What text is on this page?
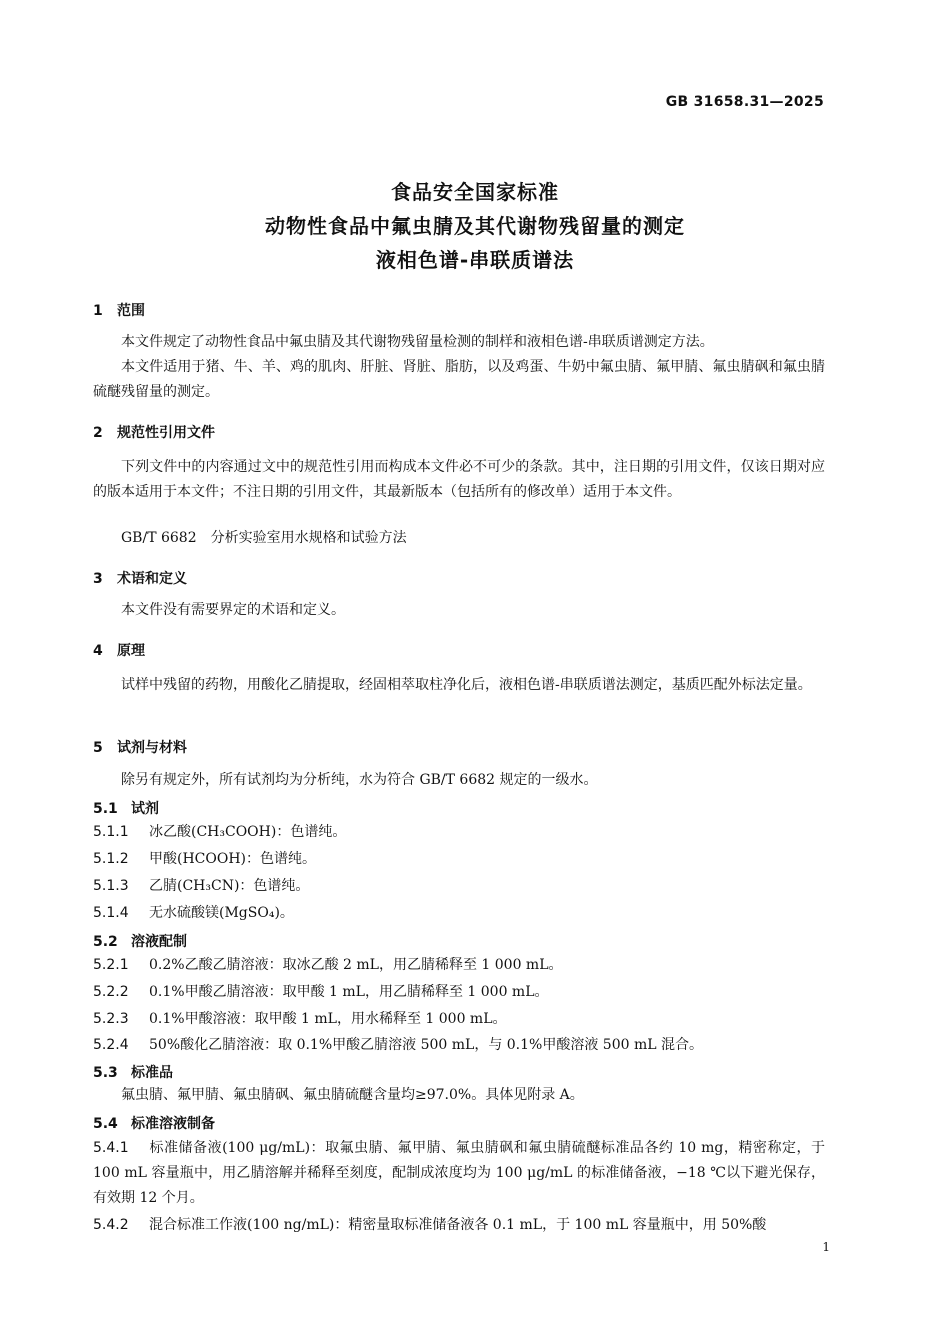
GB 31658.31—2025
食品安全国家标准
动物性食品中氟虫腈及其代谢物残留量的测定
液相色谱-串联质谱法
1 范围
本文件规定了动物性食品中氟虫腈及其代谢物残留量检测的制样和液相色谱-串联质谱测定方法。
本文件适用于猪、牛、羊、鸡的肌肉、肝脏、肾脏、脂肪，以及鸡蛋、牛奶中氟虫腈、氟甲腈、氟虫腈砜和氟虫腈硫醚残留量的测定。
2 规范性引用文件
下列文件中的内容通过文中的规范性引用而构成本文件必不可少的条款。其中，注日期的引用文件，仅该日期对应的版本适用于本文件；不注日期的引用文件，其最新版本（包括所有的修改单）适用于本文件。
GB/T 6682　分析实验室用水规格和试验方法
3 术语和定义
本文件没有需要界定的术语和定义。
4 原理
试样中残留的药物，用酸化乙腈提取，经固相萃取柱净化后，液相色谱-串联质谱法测定，基质匹配外标法定量。
5 试剂与材料
除另有规定外，所有试剂均为分析纯，水为符合 GB/T 6682 规定的一级水。
5.1 试剂
5.1.1 冰乙酸(CH₃COOH)：色谱纯。
5.1.2 甲酸(HCOOH)：色谱纯。
5.1.3 乙腈(CH₃CN)：色谱纯。
5.1.4 无水硫酸镁(MgSO₄)。
5.2 溶液配制
5.2.1 0.2%乙酸乙腈溶液：取冰乙酸 2 mL，用乙腈稀释至 1 000 mL。
5.2.2 0.1%甲酸乙腈溶液：取甲酸 1 mL，用乙腈稀释至 1 000 mL。
5.2.3 0.1%甲酸溶液：取甲酸 1 mL，用水稀释至 1 000 mL。
5.2.4 50%酸化乙腈溶液：取 0.1%甲酸乙腈溶液 500 mL，与 0.1%甲酸溶液 500 mL 混合。
5.3 标准品
氟虫腈、氟甲腈、氟虫腈砜、氟虫腈硫醚含量均≥97.0%。具体见附录 A。
5.4 标准溶液制备
5.4.1 标准储备液(100 μg/mL)：取氟虫腈、氟甲腈、氟虫腈砜和氟虫腈硫醚标准品各约 10 mg，精密称定，于 100 mL 容量瓶中，用乙腈溶解并稀释至刻度，配制成浓度均为 100 μg/mL 的标准储备液，−18 ℃以下避光保存，有效期 12 个月。
5.4.2 混合标准工作液(100 ng/mL)：精密量取标准储备液各 0.1 mL，于 100 mL 容量瓶中，用 50%酸
1
